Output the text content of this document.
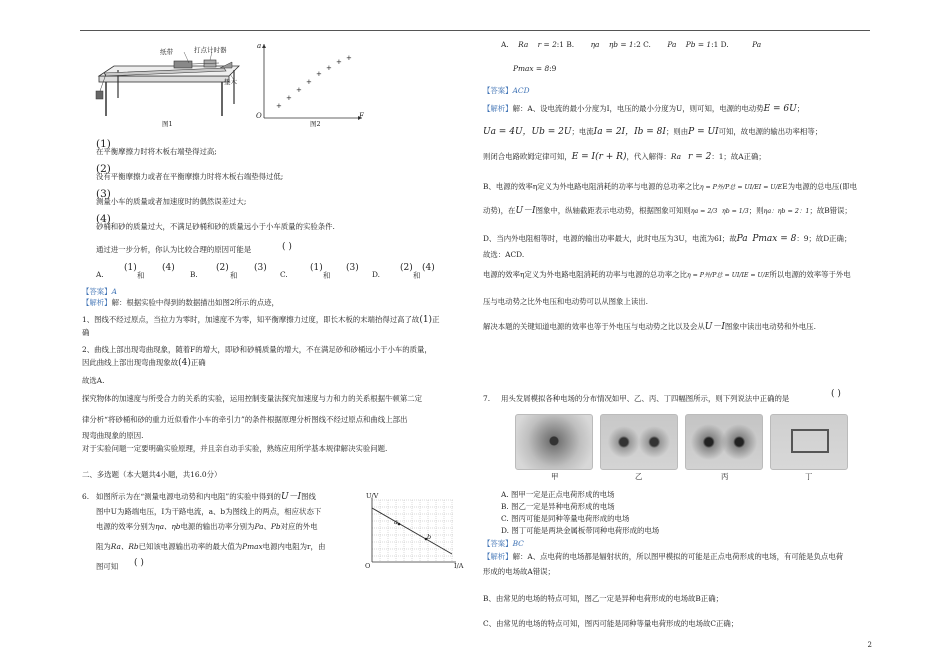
纸带	打点计时器
垫木
图1
+
+
+
+
+
+
+ +
a
F
O
图2
(1)
在平衡摩擦力时将木板右端垫得过高;
(2)
没有平衡摩擦力或者在平衡摩擦力时将木板右端垫得过低;
(3)
测量小车的质量或者加速度时的偶然误差过大;
(4)
砂桶和砂的质量过大，不满足砂桶和砂的质量远小于小车质量的实验条件.
通过进一步分析，你认为比较合理的原因可能是	( )
A.
(1)
和
(4)
B.
(2)
和
(3)
C.
(1)
和
(3)
D.
(2)
和
(4)
【答案】A
【解析】解：根据实验中得到的数据描出如图2所示的点迹，
1、图线不经过原点，当拉力为零时，加速度不为零，知平衡摩擦力过度，即长木板的末端抬得过高了故(1)正
确
2、曲线上部出现弯曲现象，随着F的增大，即砂和砂桶质量的增大，不在满足砂和砂桶远小于小车的质量，
因此曲线上部出现弯曲现象故(4)正确
故选A.
探究物体的加速度与所受合力的关系的实验，运用控制变量法探究加速度与力和力的关系根据牛顿第二定
律分析“将砂桶和砂的重力近似看作小车的牵引力”的条件根据原理分析图线不经过原点和曲线上部出
现弯曲现象的原因.
对于实验问题一定要明确实验原理，并且亲自动手实验，熟练应用所学基本规律解决实验问题.
二、多选题（本大题共4小题，共16.0分）
6. 如图所示为在“测量电源电动势和内电阻”的实验中得到的U－I图线
图中U为路端电压，I为干路电流，a、b为图线上的两点，相应状态下
电源的效率分别为ηa、ηb电源的输出功率分别为Pa、Pb对应的外电
阻为Ra、Rb已知该电源输出功率的最大值为Pmax电源内电阻为r，由
图可知 ( )
U/V
I/A
O
a
b
A. Ra r = 2:1 B. ηa ηb = 1:2 C. Pa Pb = 1:1 D.	Pa
Pmax = 8:9
【答案】ACD
【解析】解：A、设电流的最小分度为I，电压的最小分度为U，则可知，电源的电动势E = 6U；
Ua = 4U，Ub = 2U；电流Ia = 2I，Ib = 8I；则由P = UI可知，故电源的输出功率相等；
则闭合电路欧姆定律可知，E = I(r + R)，代入解得：Ra r = 2：1；故A正确；
B、电源的效率η定义为外电路电阻消耗的功率与电源的总功率之比η = P外/P总 = UI/EI = U/EE为电源的总电压(即电
动势)，在U－I图象中，纵轴截距表示电动势，根据图象可知则ηa = 2/3 ηb = 1/3；则ηa：ηb = 2：1；故B错误；
D、当内外电阻相等时，电源的输出功率最大，此时电压为3U，电流为6I；故Pa Pmax = 8：9；故D正确；
故选：ACD.
电源的效率η定义为外电路电阻消耗的功率与电源的总功率之比η = P外/P总 = UI/IE = U/E所以电源的效率等于外电
压与电动势之比外电压和电动势可以从图象上读出.
解决本题的关键知道电源的效率也等于外电压与电动势之比以及会从U－I图象中读出电动势和外电压.
7. 用头发屑模拟各种电场的分布情况如甲、乙、丙、丁四幅图所示，则下列说法中正确的是	( )
甲	乙	丙	丁
A. 图甲一定是正点电荷形成的电场
B. 图乙一定是异种电荷形成的电场
C. 图丙可能是同种等量电荷形成的电场
D. 图丁可能是两块金属板带同种电荷形成的电场
【答案】BC
【解析】解：A、点电荷的电场都是辐射状的，所以图甲模拟的可能是正点电荷形成的电场，有可能是负点电荷
形成的电场故A错误；
B、由常见的电场的特点可知，图乙一定是异种电荷形成的电场故B正确；
C、由常见的电场的特点可知，图丙可能是同种等量电荷形成的电场故C正确；
2
